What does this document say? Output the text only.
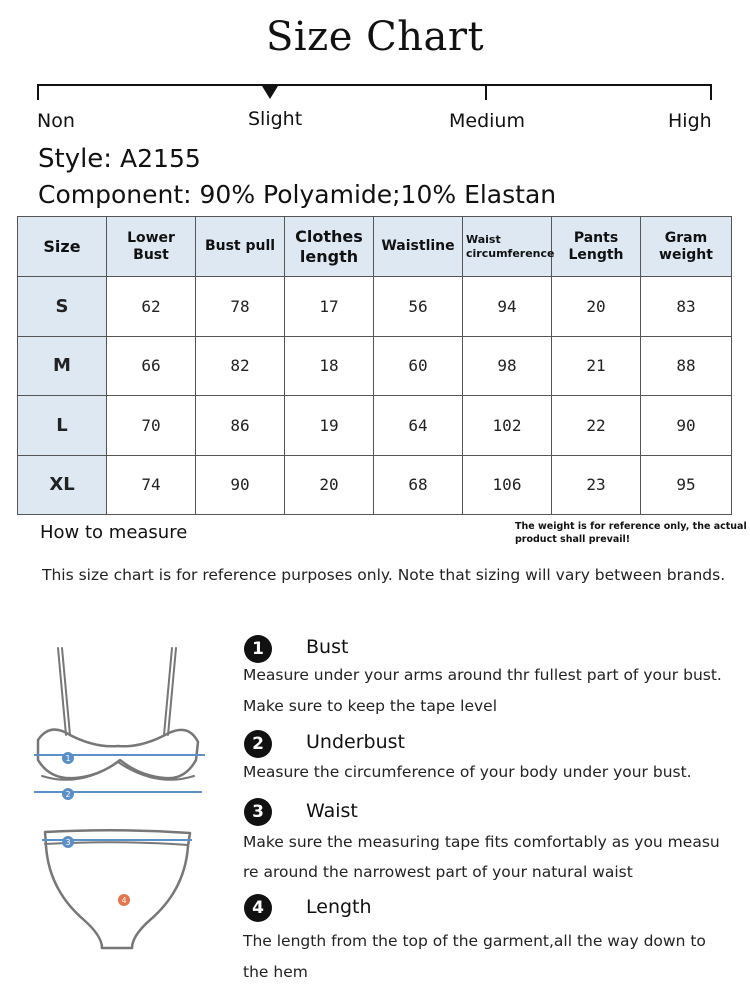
Size Chart
Non	Slight	Medium	High
Style: A2155
Component: 90% Polyamide;10% Elastan
Size	Lower Bust	Bust pull	Clothes length	Waistline	Waist circumference	Pants Length	Gram weight
S	62	78	17	56	94	20	83
M	66	82	18	60	98	21	88
L	70	86	19	64	102	22	90
XL	74	90	20	68	106	23	95
How to measure	The weight is for reference only, the actual product shall prevail!
This size chart is for reference purposes only. Note that sizing will vary between brands.
1
2
3
4
1	Bust
Measure under your arms around thr fullest part of your bust.
Make sure to keep the tape level
2	Underbust
Measure the circumference of your body under your bust.
3	Waist
Make sure the measuring tape fits comfortably as you measu
re around the narrowest part of your natural waist
4	Length
The length from the top of the garment,all the way down to
the hem
